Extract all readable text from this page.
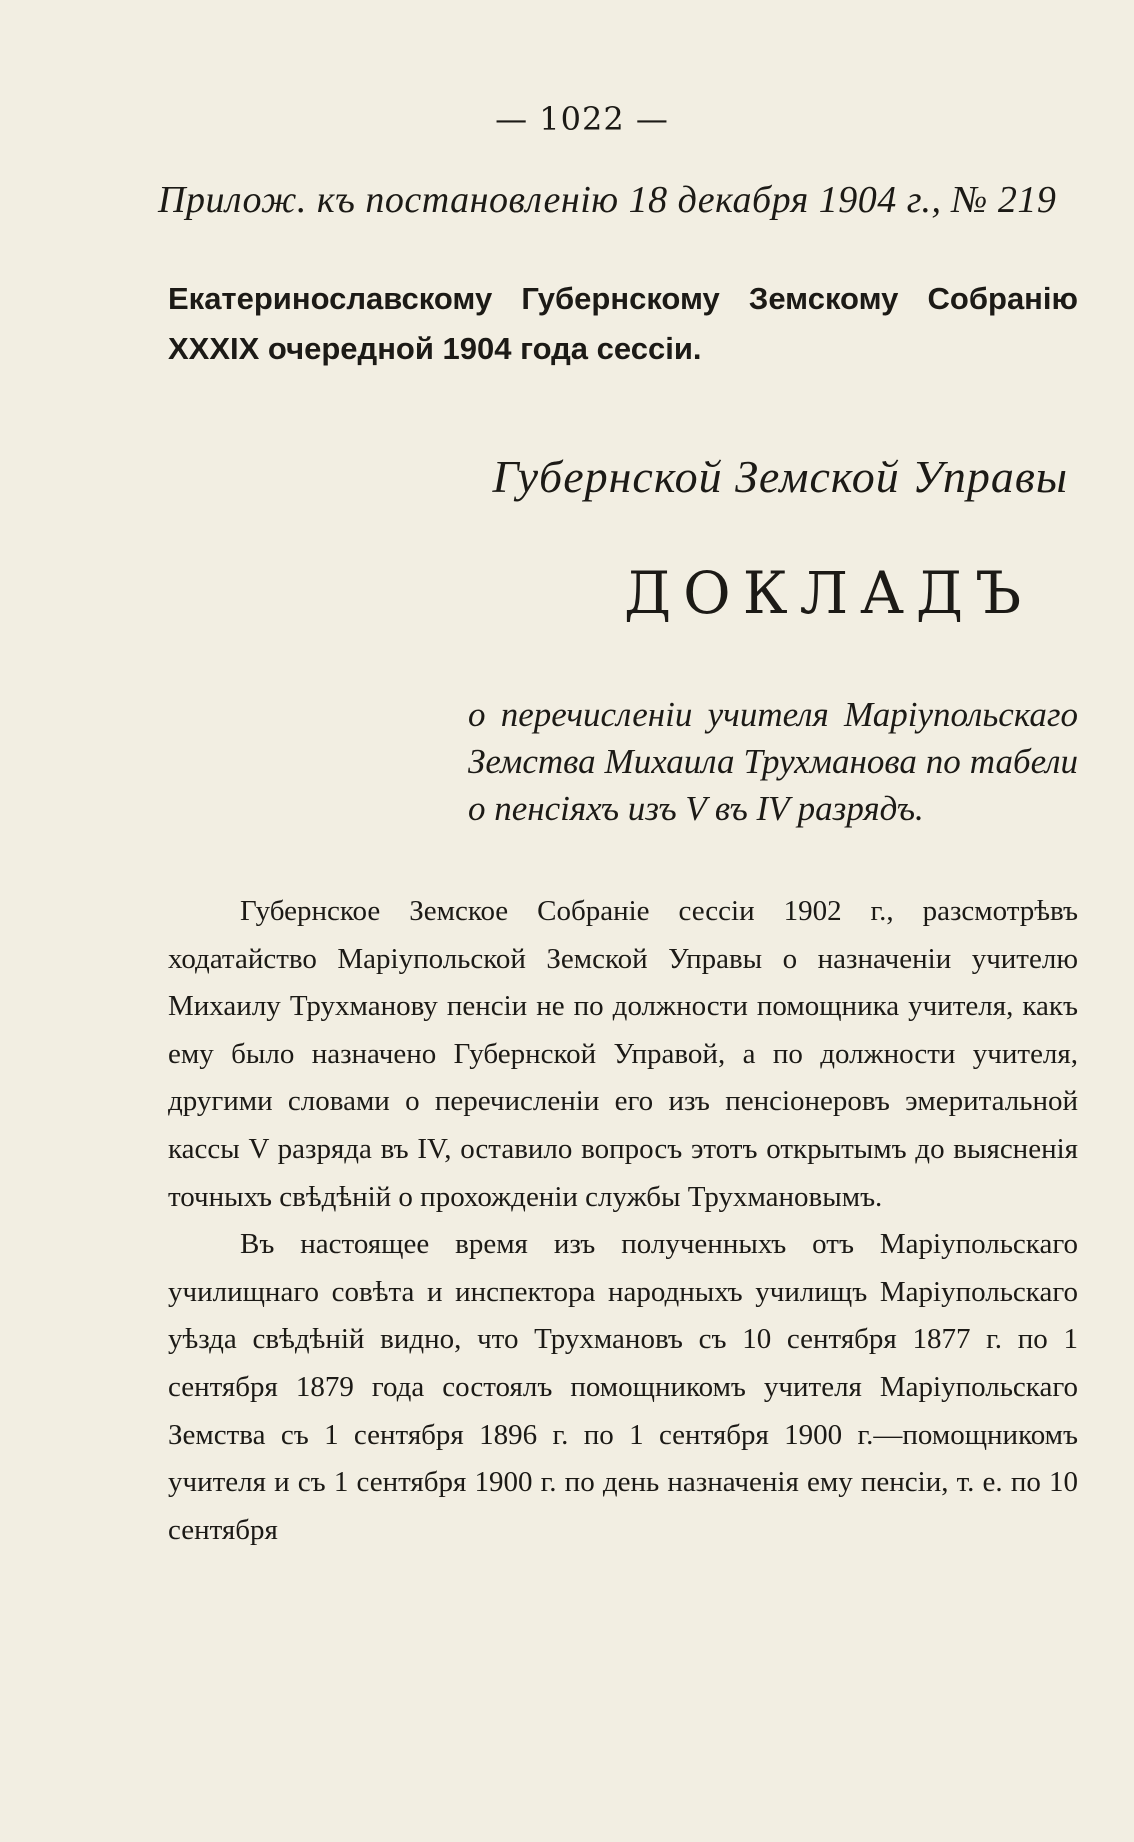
— 1022 —
Прилож. къ постановленію 18 декабря 1904 г., № 219
Екатеринославскому Губернскому Земскому Собранію XXXIX очередной 1904 года сессіи.
Губернской Земской Управы
ДОКЛАДЪ
о перечисленіи учителя Маріупольскаго Земства Михаила Трухманова по табели о пенсіяхъ изъ V въ IV разрядъ.

Губернское Земское Собраніе сессіи 1902 г., разсмотрѣвъ ходатайство Маріупольской Земской Управы о назначеніи учителю Михаилу Трухманову пенсіи не по должности помощника учителя, какъ ему было назначено Губернской Управой, а по должности учителя, другими словами о перечисленіи его изъ пенсіонеровъ эмеритальной кассы V разряда въ IV, оставило вопросъ этотъ открытымъ до выясненія точныхъ свѣдѣній о прохожденіи службы Трухмановымъ.

Въ настоящее время изъ полученныхъ отъ Маріупольскаго училищнаго совѣта и инспектора народныхъ училищъ Маріупольскаго уѣзда свѣдѣній видно, что Трухмановъ съ 10 сентября 1877 г. по 1 сентября 1879 года состоялъ помощникомъ учителя Маріупольскаго Земства съ 1 сентября 1896 г. по 1 сентября 1900 г.—помощникомъ учителя и съ 1 сентября 1900 г. по день назначенія ему пенсіи, т. е. по 10 сентября
